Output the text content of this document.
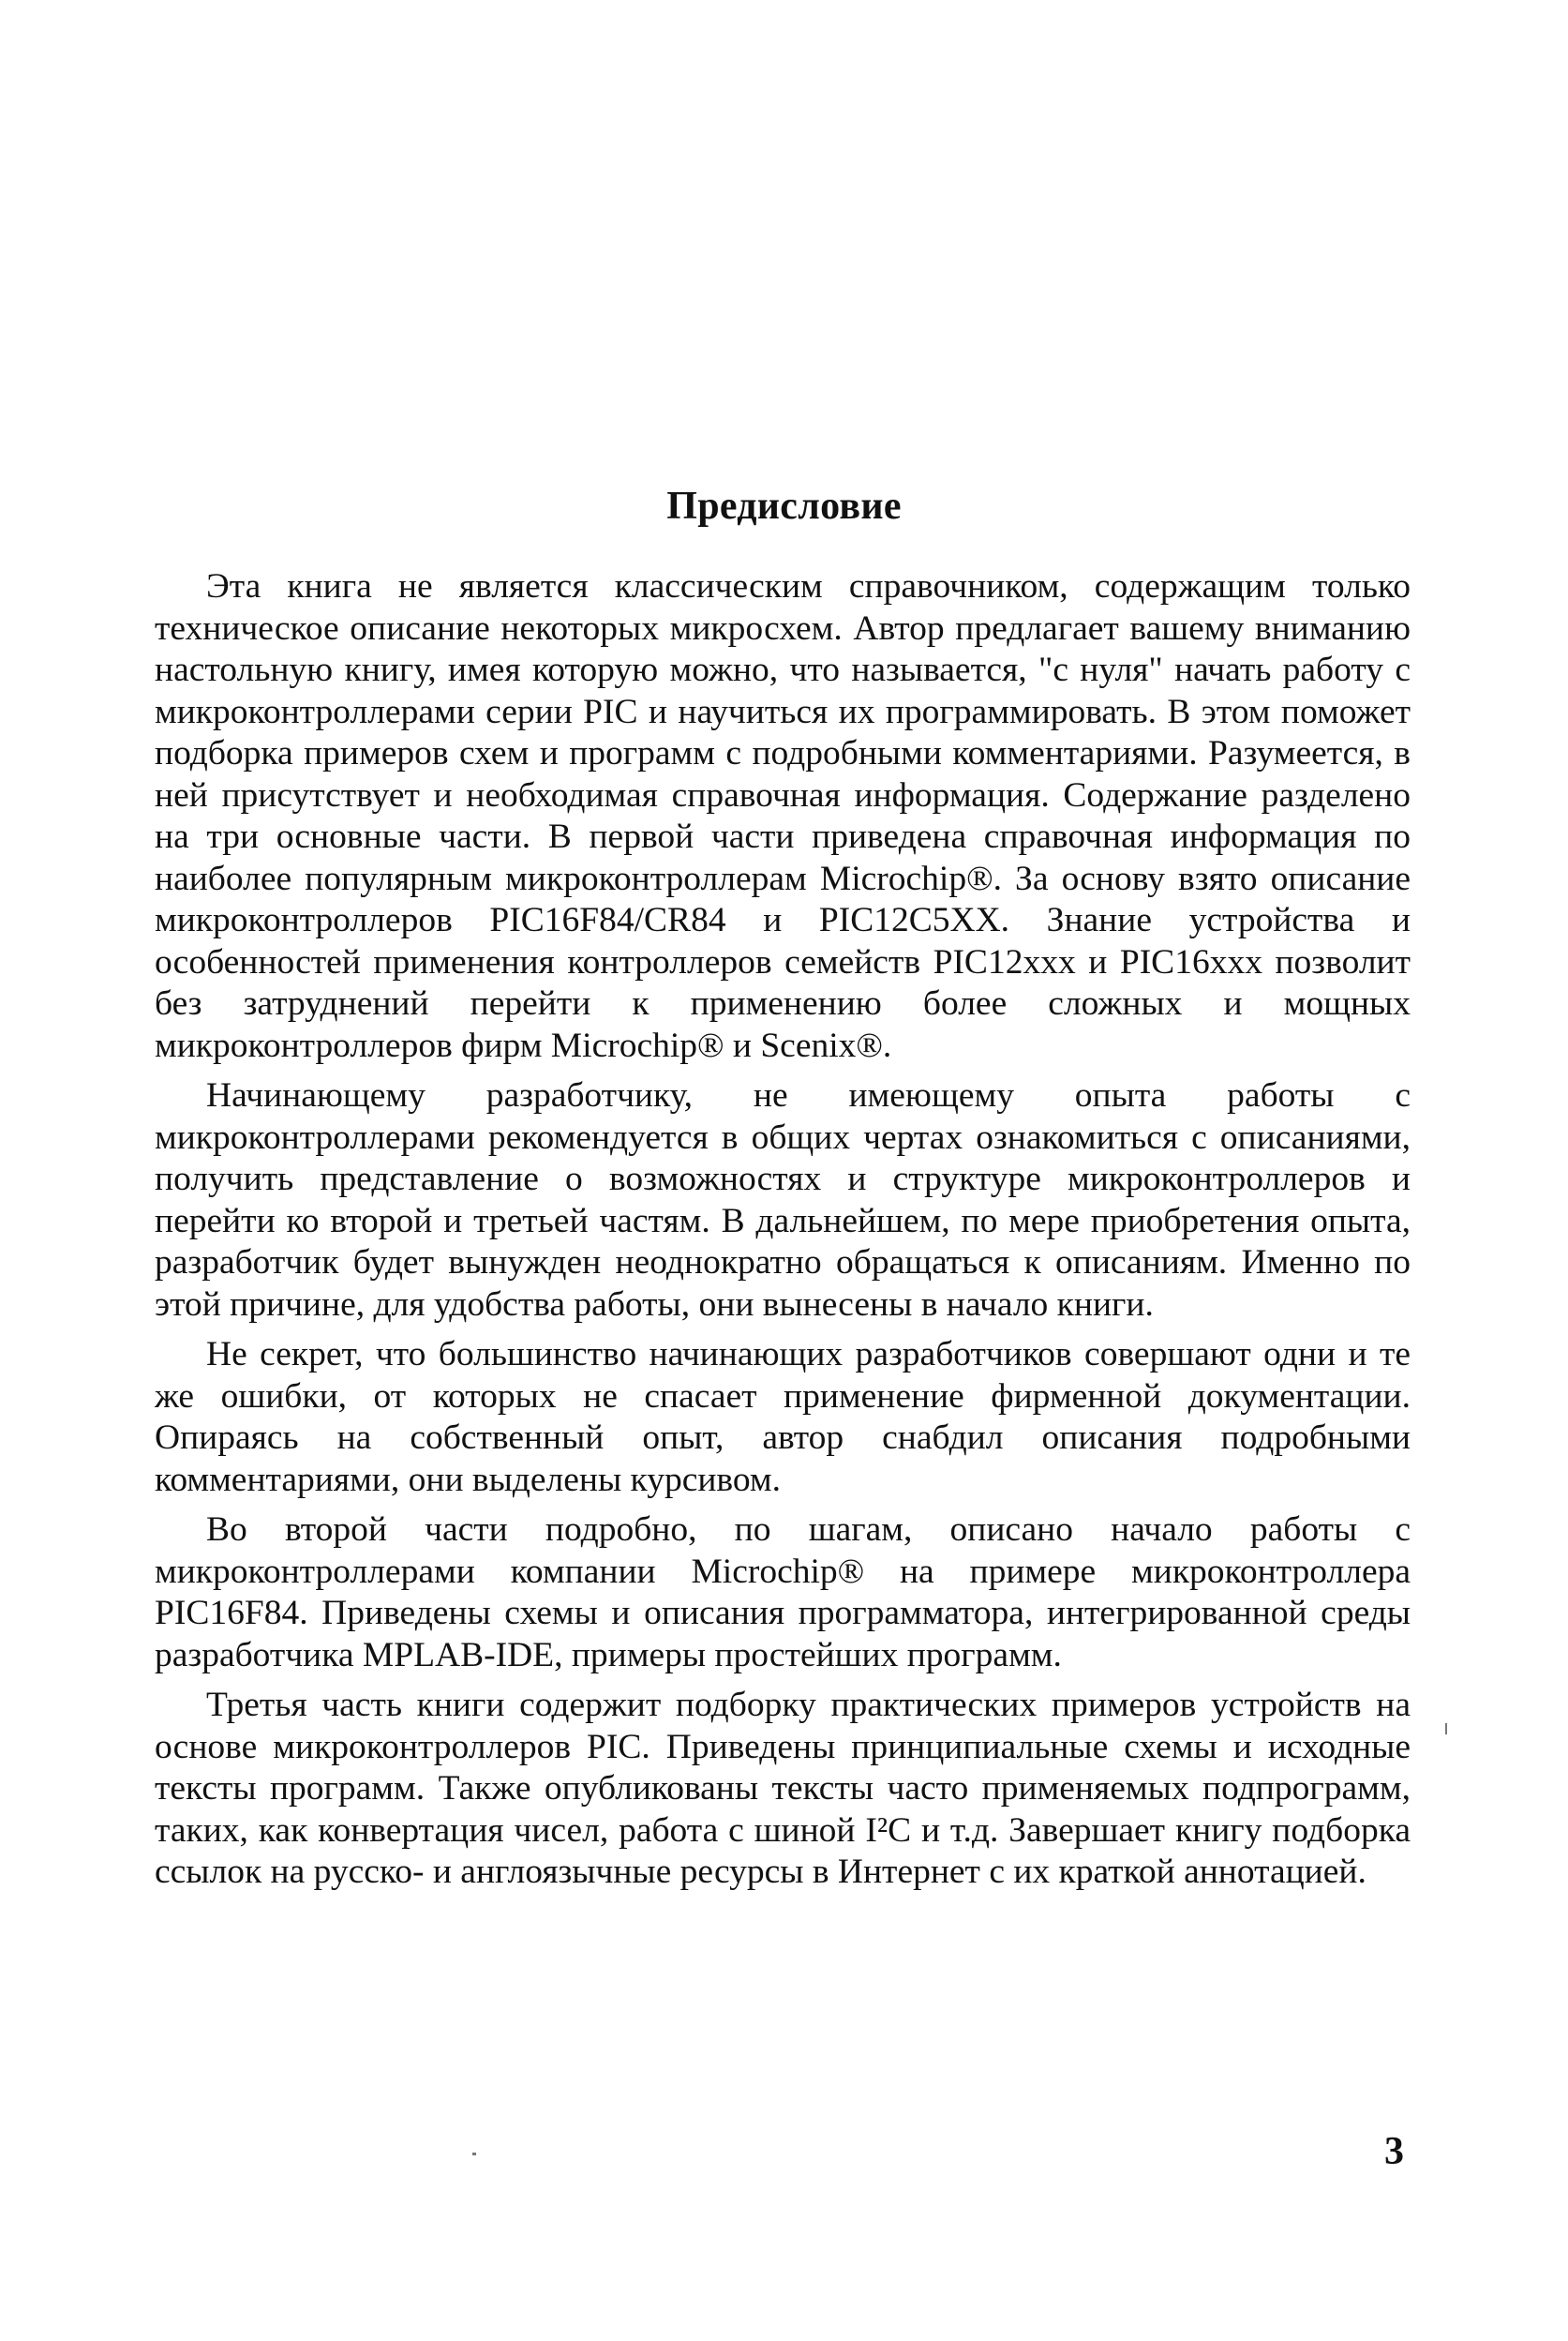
Предисловие

Эта книга не является классическим справочником, содержащим только техническое описание некоторых микросхем. Автор предлагает вашему вниманию настольную книгу, имея которую можно, что называется, "с нуля" начать работу с микроконтроллерами серии PIC и научиться их программировать. В этом поможет подборка примеров схем и программ с подробными комментариями. Разумеется, в ней присутствует и необходимая справочная информация. Содержание разделено на три основные части. В первой части приведена справочная информация по наиболее популярным микроконтроллерам Microchip®. За основу взято описание микроконтроллеров PIC16F84/CR84 и PIC12C5XX. Знание устройства и особенностей применения контроллеров семейств PIC12xxx и PIC16xxx позволит без затруднений перейти к применению более сложных и мощных микроконтроллеров фирм Microchip® и Scenix®.

Начинающему разработчику, не имеющему опыта работы с микроконтроллерами рекомендуется в общих чертах ознакомиться с описаниями, получить представление о возможностях и структуре микроконтроллеров и перейти ко второй и третьей частям. В дальнейшем, по мере приобретения опыта, разработчик будет вынужден неоднократно обращаться к описаниям. Именно по этой причине, для удобства работы, они вынесены в начало книги.

Не секрет, что большинство начинающих разработчиков совершают одни и те же ошибки, от которых не спасает применение фирменной документации. Опираясь на собственный опыт, автор снабдил описания подробными комментариями, они выделены курсивом.

Во второй части подробно, по шагам, описано начало работы с микроконтроллерами компании Microchip® на примере микроконтроллера PIC16F84. Приведены схемы и описания программатора, интегрированной среды разработчика MPLAB-IDE, примеры простейших программ.

Третья часть книги содержит подборку практических примеров устройств на основе микроконтроллеров PIC. Приведены принципиальные схемы и исходные тексты программ. Также опубликованы тексты часто применяемых подпрограмм, таких, как конвертация чисел, работа с шиной I²C и т.д. Завершает книгу подборка ссылок на русско- и англоязычные ресурсы в Интернет с их краткой аннотацией.

3
